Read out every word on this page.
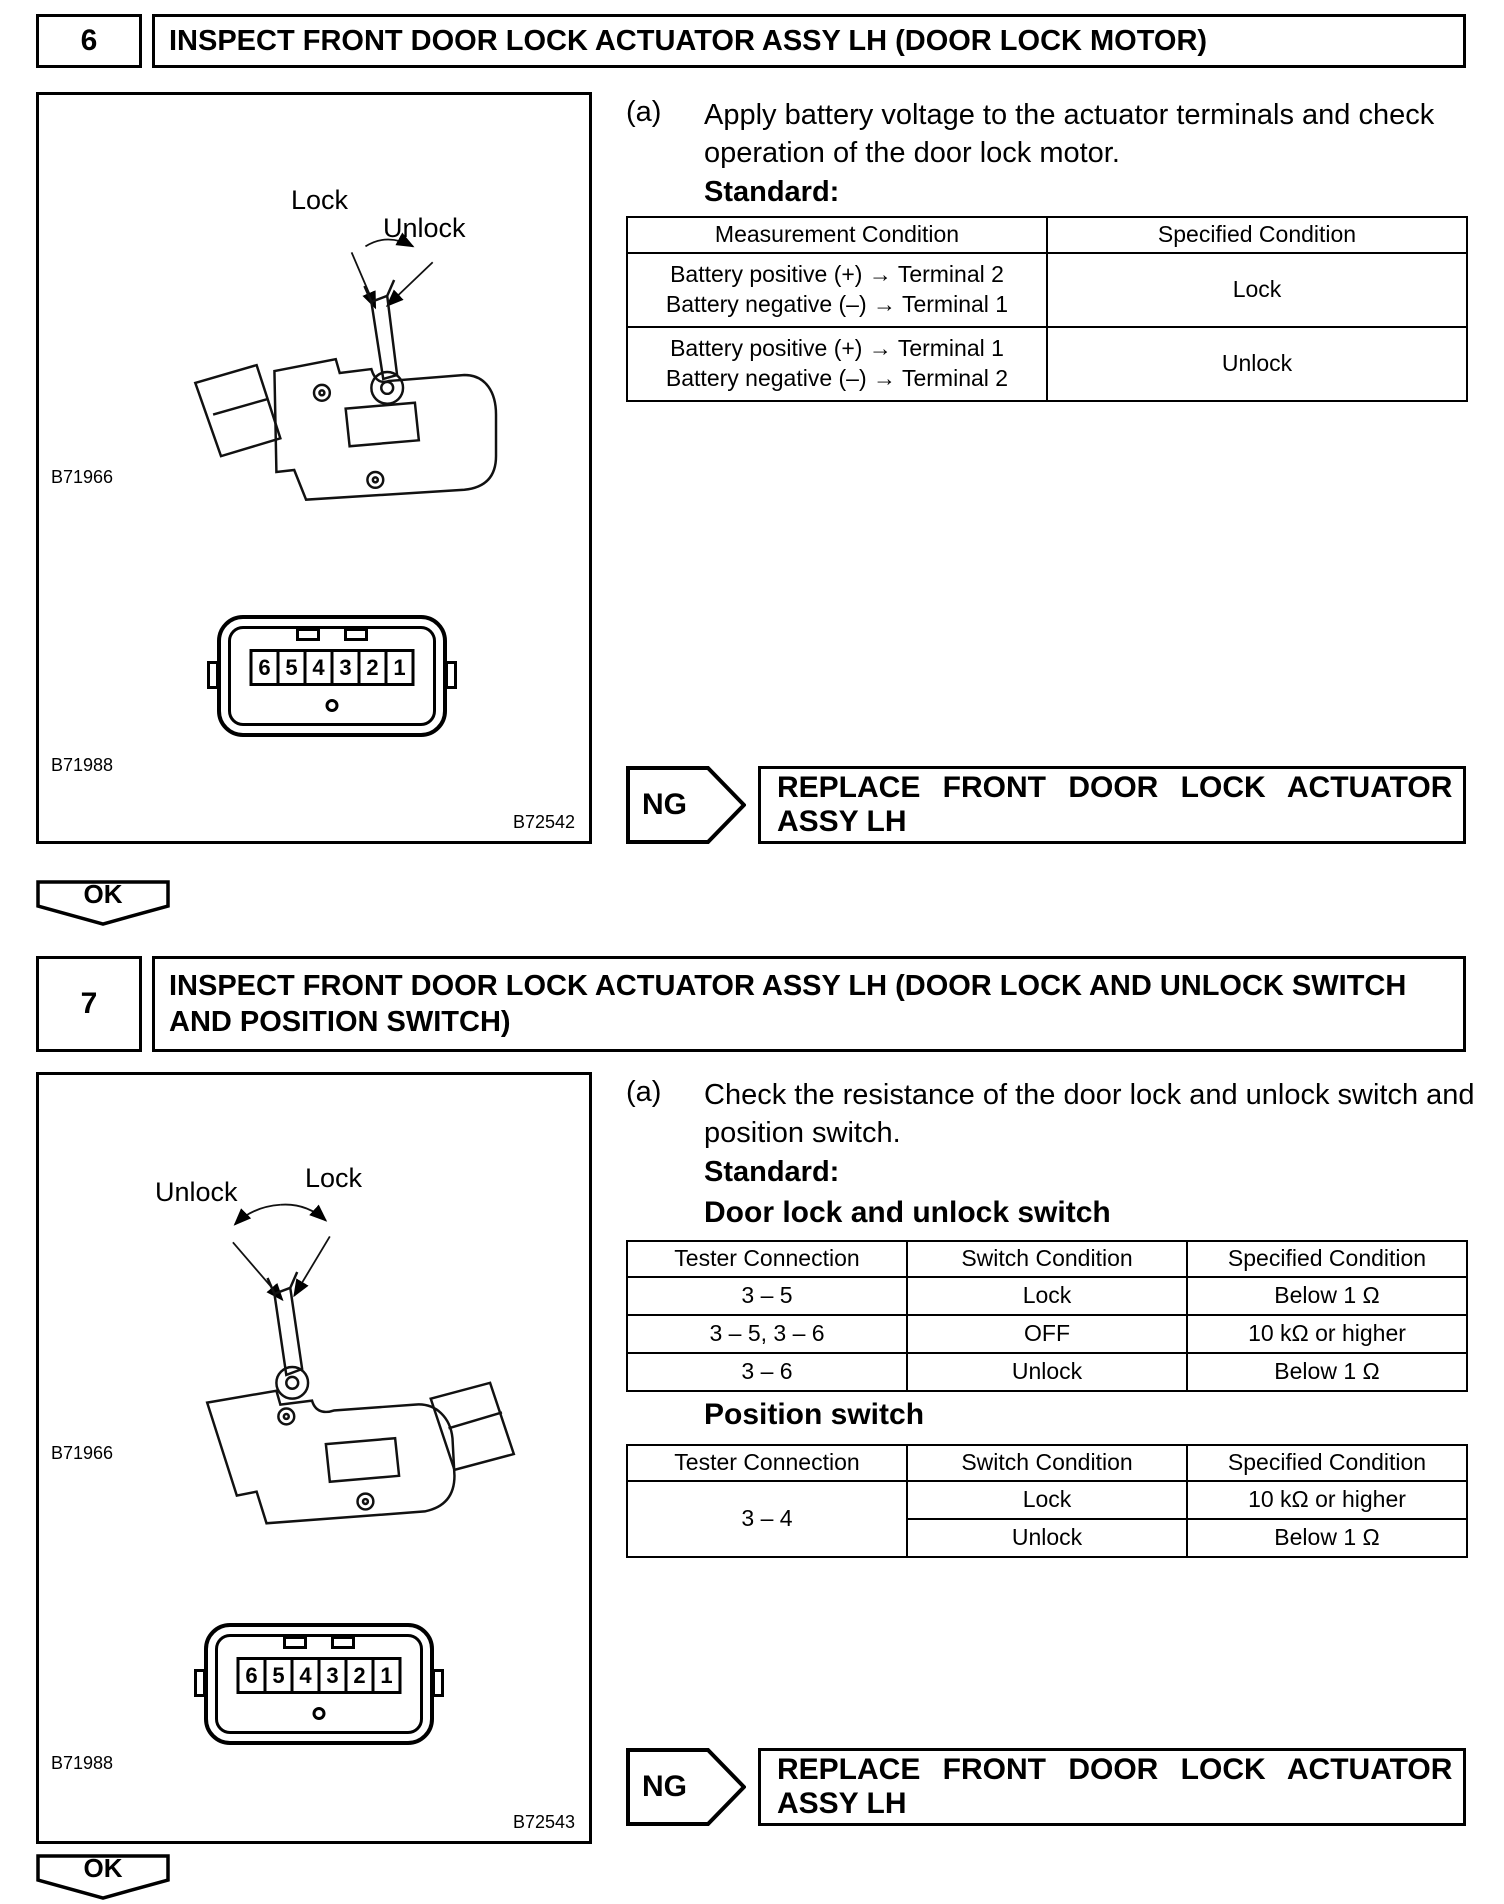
6	INSPECT FRONT DOOR LOCK ACTUATOR ASSY LH (DOOR LOCK MOTOR)
Lock
Unlock
B71966
6 5 4 3 2 1
B71988
B72542
(a) Apply battery voltage to the actuator terminals and check operation of the door lock motor.
Standard:
Measurement Condition	Specified Condition

Battery positive (+) → Terminal 2
Battery negative (–) → Terminal 1	Lock

Battery positive (+) → Terminal 1
Battery negative (–) → Terminal 2	Unlock
NG
REPLACE FRONT DOOR LOCK ACTUATOR
ASSY LH
OK
7
INSPECT FRONT DOOR LOCK ACTUATOR ASSY LH (DOOR LOCK AND UNLOCK SWITCH AND POSITION SWITCH)
Unlock Lock
B71966
6 5 4 3 2 1
B71988
B72543
(a) Check the resistance of the door lock and unlock switch and position switch.
Standard:
Door lock and unlock switch
Tester Connection	Switch Condition	Specified Condition
3 – 5	Lock	Below 1 Ω
3 – 5, 3 – 6	OFF	10 kΩ or higher
3 – 6	Unlock	Below 1 Ω
Position switch
Tester Connection	Switch Condition	Specified Condition
3 – 4	Lock	10 kΩ or higher
	Unlock	Below 1 Ω
NG
REPLACE FRONT DOOR LOCK ACTUATOR
ASSY LH
OK
